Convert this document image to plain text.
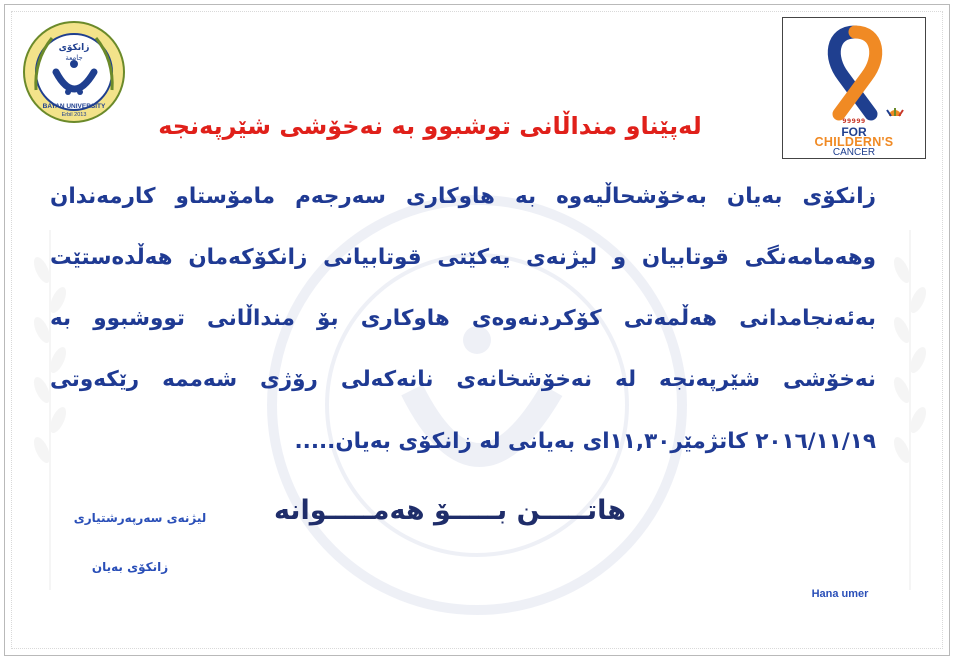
زانکۆی
جامعة
BAYAN UNIVERSITY
Erbil 2013
99999
FOR
CHILDERN'S
CANCER
لەپێناو منداڵانی توشبوو بە نەخۆشی شێرپەنجە
زانکۆی بەیان بەخۆشحاڵیەوە بە هاوکاری سەرجەم مامۆستاو کارمەندان
وهەمامەنگی قوتابیان و لیژنەی یەکێتی قوتابیانی زانکۆکەمان هەڵدەستێت
بەئەنجامدانی هەڵمەتی کۆکردنەوەی هاوکاری بۆ منداڵانی تووشبوو بە
نەخۆشی شێرپەنجە لە نەخۆشخانەی نانەکەلی رۆژی شەممە رێکەوتی
٢٠١٦/١١/١٩ کاتژمێر١١,٣٠ای بەیانی لە زانکۆی بەیان.....
هاتـــــن بـــــۆ هەمـــــوانە
لیژنەی سەرپەرشتیاری
زانکۆی بەیان
Hana umer
